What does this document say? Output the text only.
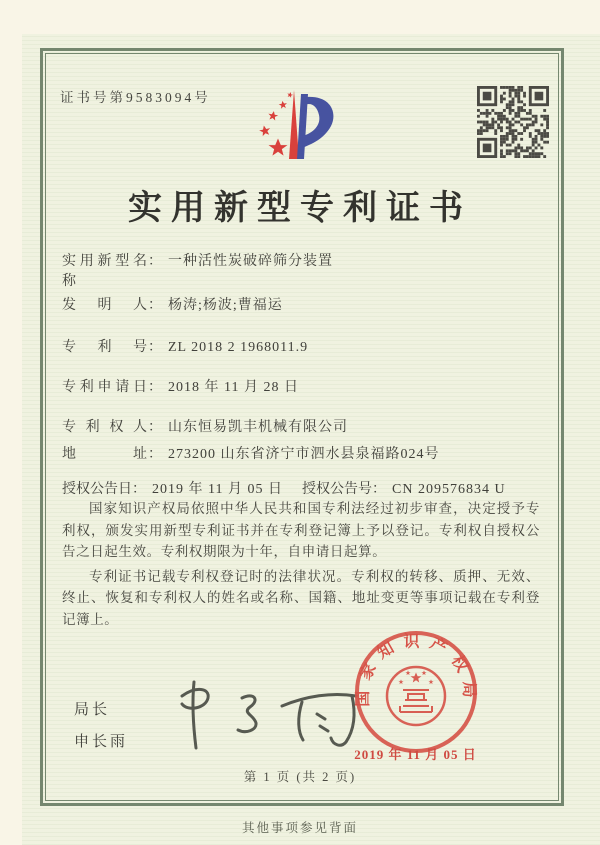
证书号第9583094号
实用新型专利证书
实用新型名称： 一种活性炭破碎筛分装置
发明人： 杨涛;杨波;曹福运
专利号： ZL 2018 2 1968011.9
专利申请日： 2018 年 11 月 28 日
专利权人： 山东恒易凯丰机械有限公司
地址： 273200 山东省济宁市泗水县泉福路024号
授权公告日： 2019 年 11 月 05 日 授权公告号： CN 209576834 U

国家知识产权局依照中华人民共和国专利法经过初步审查，决定授予专利权，颁发实用新型专利证书并在专利登记簿上予以登记。专利权自授权公告之日起生效。专利权期限为十年，自申请日起算。

专利证书记载专利权登记时的法律状况。专利权的转移、质押、无效、终止、恢复和专利权人的姓名或名称、国籍、地址变更等事项记载在专利登记簿上。

局长
申长雨
国家知识产权局
2019 年 11 月 05 日
第 1 页 (共 2 页)
其他事项参见背面
